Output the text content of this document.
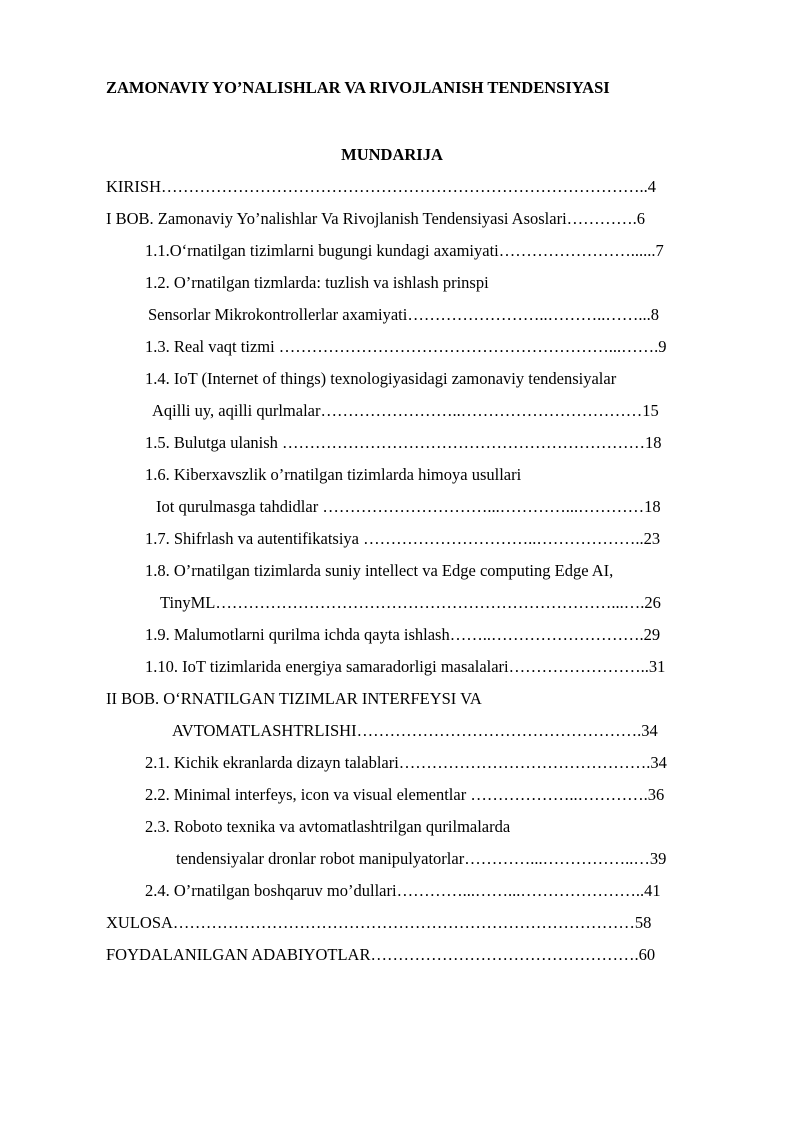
ZAMONAVIY YO’NALISHLAR VA RIVOJLANISH TENDENSIYASI
MUNDARIJA
KIRISH……………………………………………………………………………..4
I BOB. Zamonaviy Yo’nalishlar Va Rivojlanish Tendensiyasi Asoslari………….6
1.1.O‘rnatilgan tizimlarni bugungi kundagi axamiyati……………………......7
1.2. O’rnatilgan tizmlarda: tuzlish va ishlash prinspi
Sensorlar Mikrokontrollerlar axamiyati……………………..………..……...8
1.3. Real vaqt tizmi ……………………………………………………...…….9
1.4. IoT (Internet of things) texnologiyasidagi zamonaviy tendensiyalar
Aqilli uy, aqilli qurlmalar……………………..……………………………15
1.5. Bulutga ulanish …………………………………………………………18
1.6. Kiberxavszlik o’rnatilgan tizimlarda himoya usullari
Iot qurulmasga tahdidlar …………………………...…………...…………18
1.7. Shifrlash va autentifikatsiya …………………………..………………..23
1.8. O’rnatilgan tizimlarda suniy intellect va Edge computing Edge AI,
TinyML………………………………………………………………...….26
1.9. Malumotlarni qurilma ichda qayta ishlash……..……………………….29
1.10. IoT tizimlarida energiya samaradorligi masalalari……………………..31
II BOB. O‘RNATILGAN TIZIMLAR INTERFEYSI VA
AVTOMATLASHTRLISHI…………………………………………….34
2.1. Kichik ekranlarda dizayn talablari……………………………………….34
2.2. Minimal interfeys, icon va visual elementlar ………………..………….36
2.3. Roboto texnika va avtomatlashtrilgan qurilmalarda
tendensiyalar dronlar robot manipulyatorlar…………...……………..…39
2.4. O’rnatilgan boshqaruv mo’dullari…………...……...…………………..41
XULOSA…………………………………………………………………………58
FOYDALANILGAN ADABIYOTLAR………………………………………….60
